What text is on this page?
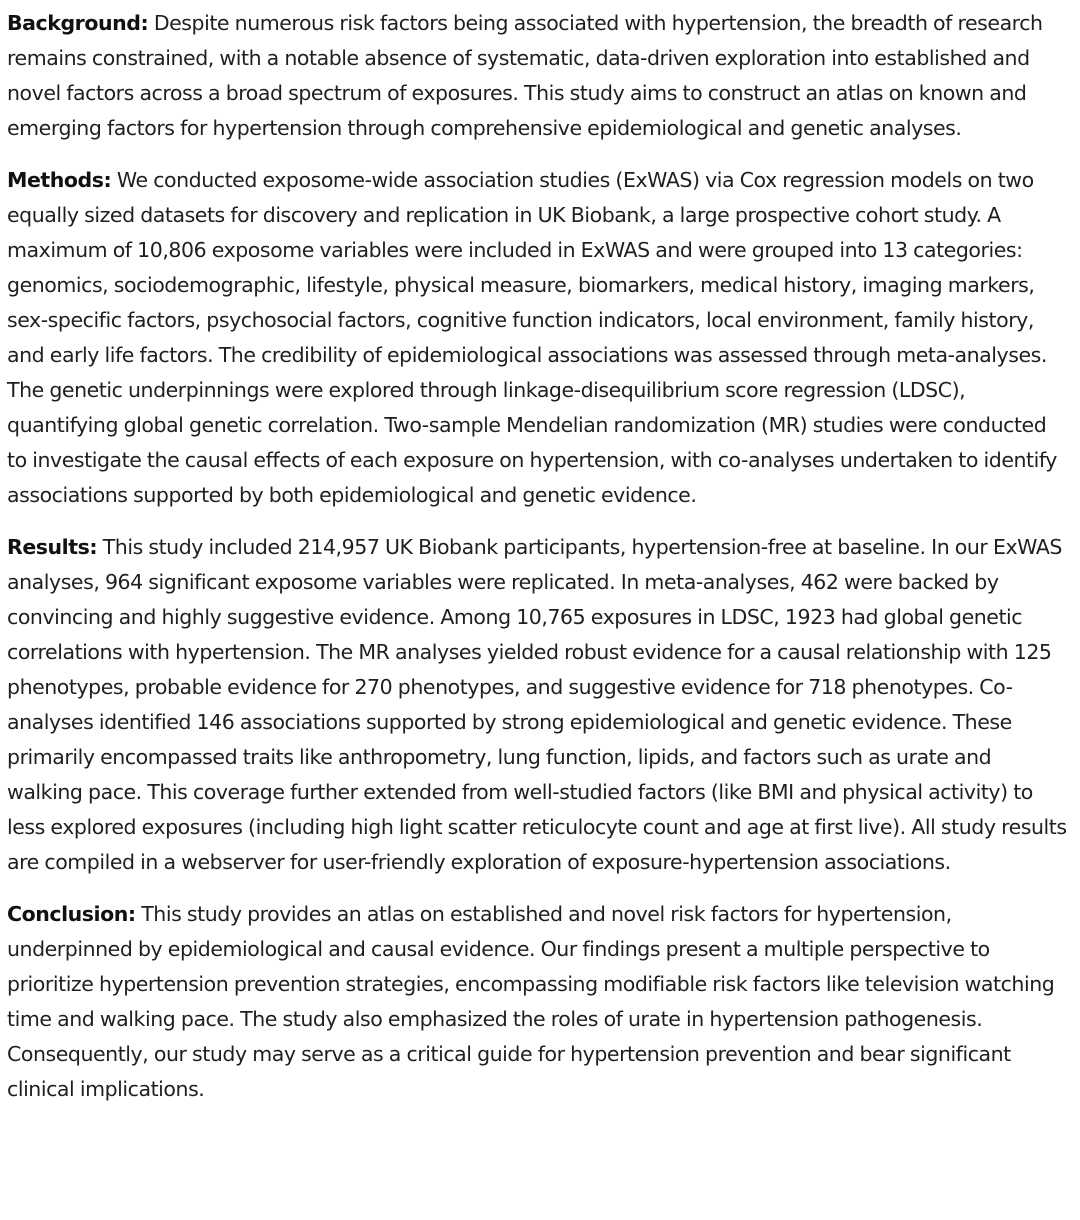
Background: Despite numerous risk factors being associated with hypertension, the breadth of research remains constrained, with a notable absence of systematic, data-driven exploration into established and novel factors across a broad spectrum of exposures. This study aims to construct an atlas on known and emerging factors for hypertension through comprehensive epidemiological and genetic analyses.

Methods: We conducted exposome-wide association studies (ExWAS) via Cox regression models on two equally sized datasets for discovery and replication in UK Biobank, a large prospective cohort study. A maximum of 10,806 exposome variables were included in ExWAS and were grouped into 13 categories: genomics, sociodemographic, lifestyle, physical measure, biomarkers, medical history, imaging markers, sex-specific factors, psychosocial factors, cognitive function indicators, local environment, family history, and early life factors. The credibility of epidemiological associations was assessed through meta-analyses. The genetic underpinnings were explored through linkage-disequilibrium score regression (LDSC), quantifying global genetic correlation. Two-sample Mendelian randomization (MR) studies were conducted to investigate the causal effects of each exposure on hypertension, with co-analyses undertaken to identify associations supported by both epidemiological and genetic evidence.

Results: This study included 214,957 UK Biobank participants, hypertension-free at baseline. In our ExWAS analyses, 964 significant exposome variables were replicated. In meta-analyses, 462 were backed by convincing and highly suggestive evidence. Among 10,765 exposures in LDSC, 1923 had global genetic correlations with hypertension. The MR analyses yielded robust evidence for a causal relationship with 125 phenotypes, probable evidence for 270 phenotypes, and suggestive evidence for 718 phenotypes. Co-analyses identified 146 associations supported by strong epidemiological and genetic evidence. These primarily encompassed traits like anthropometry, lung function, lipids, and factors such as urate and walking pace. This coverage further extended from well-studied factors (like BMI and physical activity) to less explored exposures (including high light scatter reticulocyte count and age at first live). All study results are compiled in a webserver for user-friendly exploration of exposure-hypertension associations.

Conclusion: This study provides an atlas on established and novel risk factors for hypertension, underpinned by epidemiological and causal evidence. Our findings present a multiple perspective to prioritize hypertension prevention strategies, encompassing modifiable risk factors like television watching time and walking pace. The study also emphasized the roles of urate in hypertension pathogenesis. Consequently, our study may serve as a critical guide for hypertension prevention and bear significant clinical implications.
